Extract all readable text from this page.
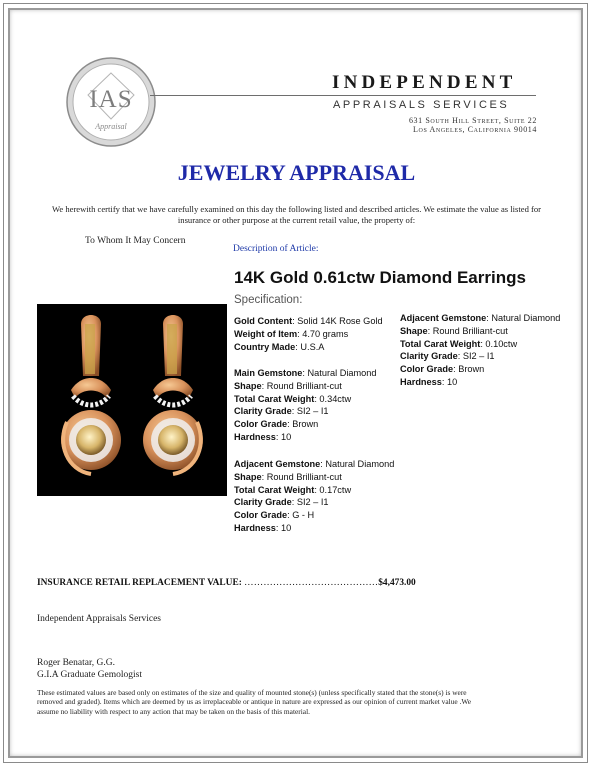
IAS
Appraisal
INDEPENDENT
APPRAISALS SERVICES
631 South Hill Street, Suite 22
Los Angeles, California 90014
JEWELRY APPRAISAL
We herewith certify that we have carefully examined on this day the following listed and described articles. We estimate the value as listed for insurance or other purpose at the current retail value, the property of:
To Whom It May Concern
Description of Article:
14K Gold 0.61ctw Diamond Earrings
Specification:
Gold Content: Solid 14K Rose Gold
Weight of Item: 4.70 grams
Country Made: U.S.A
Main Gemstone: Natural Diamond
Shape: Round Brilliant-cut
Total Carat Weight: 0.34ctw
Clarity Grade: SI2 – I1
Color Grade: Brown
Hardness: 10
Adjacent Gemstone: Natural Diamond
Shape: Round Brilliant-cut
Total Carat Weight: 0.10ctw
Clarity Grade: SI2 – I1
Color Grade: Brown
Hardness: 10
Adjacent Gemstone: Natural Diamond
Shape: Round Brilliant-cut
Total Carat Weight: 0.17ctw
Clarity Grade: SI2 – I1
Color Grade: G - H
Hardness: 10
INSURANCE RETAIL REPLACEMENT VALUE: ……………………………………$4,473.00
Independent Appraisals Services
Roger Benatar, G.G.
G.I.A Graduate Gemologist
These estimated values are based only on estimates of the size and quality of mounted stone(s) (unless specifically stated that the stone(s) is were removed and graded). Items which are deemed by us as irreplaceable or antique in nature are expressed as our opinion of current market value .We assume no liability with respect to any action that may be taken on the basis of this material.
